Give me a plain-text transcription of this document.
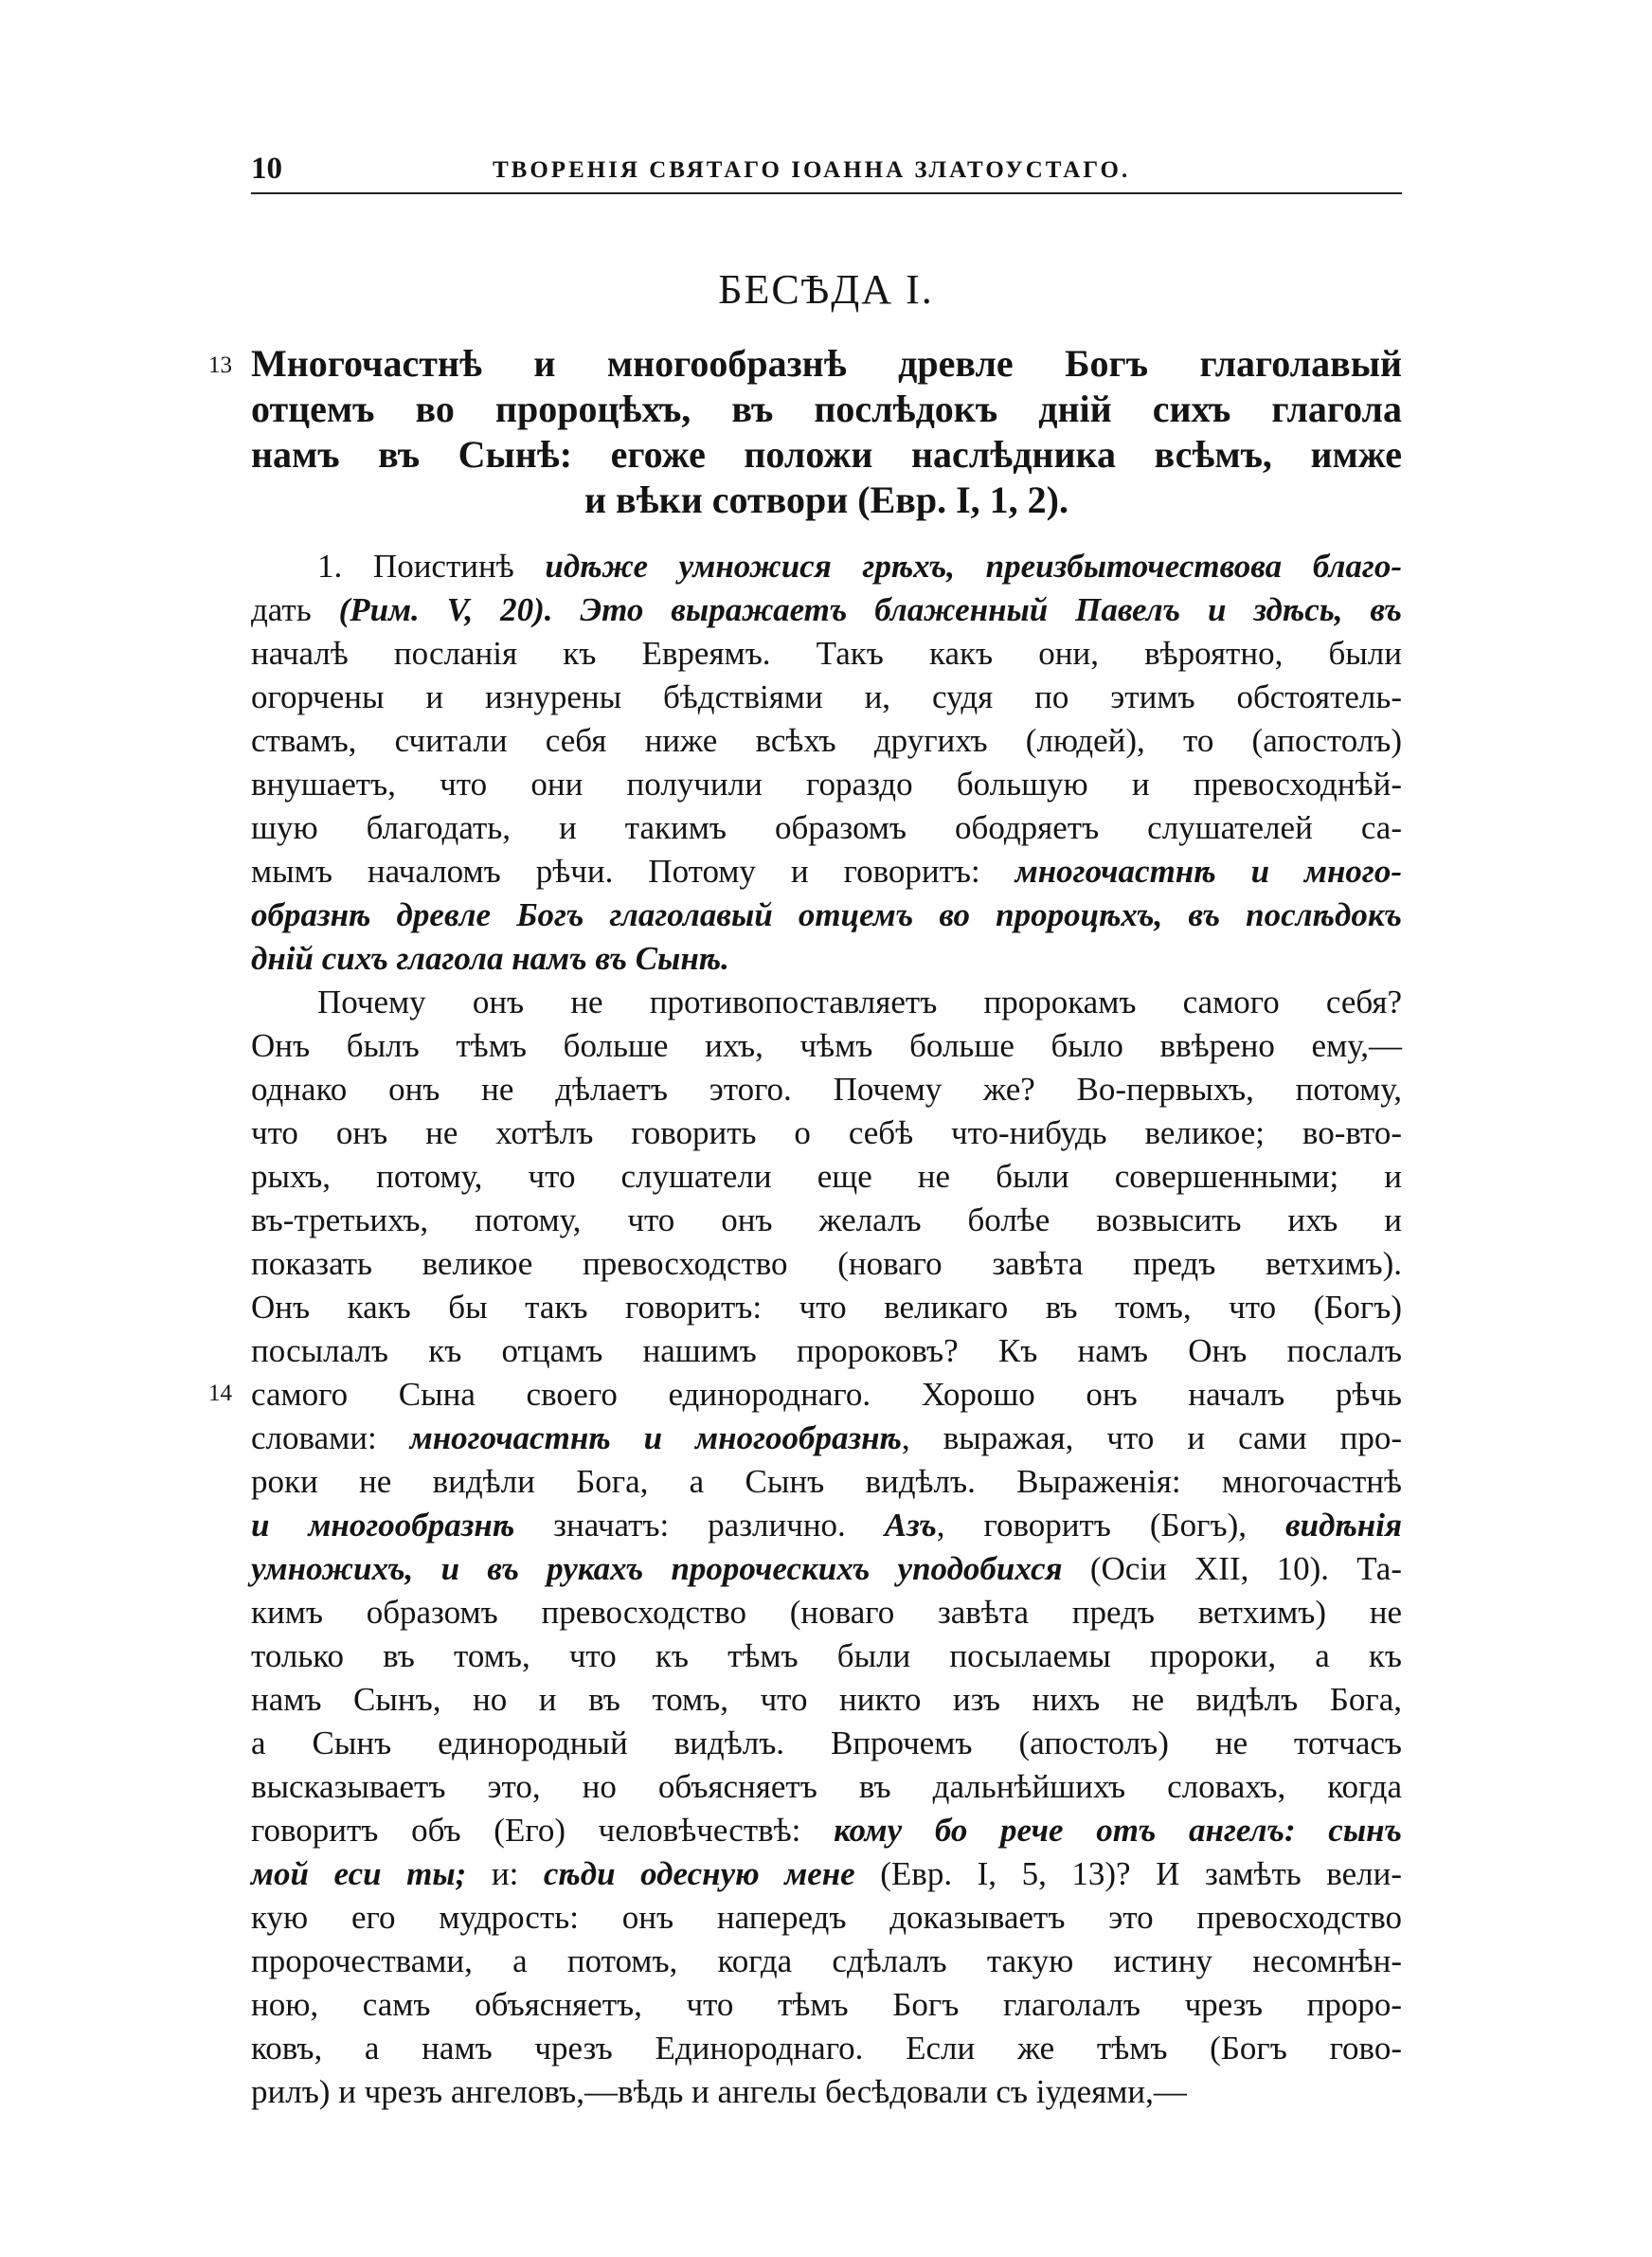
10	ТВОРЕНІЯ СВЯТАГО ІОАННА ЗЛАТОУСТАГО.
БЕСѢДА I.
13 Многочастнѣ и многообразнѣ древле Богъ глаголавый
отцемъ во пророцѣхъ, въ послѣдокъ дній сихъ глагола
намъ въ Сынѣ: егоже положи наслѣдника всѣмъ, имже
и вѣки сотвори (Евр. I, 1, 2).
14
1. Поистинѣ идѣже умножися грѣхъ, преизбыточествова благо-
дать (Рим. V, 20). Это выражаетъ блаженный Павелъ и здѣсь, въ
началѣ посланія къ Евреямъ. Такъ какъ они, вѣроятно, были
огорчены и изнурены бѣдствіями и, судя по этимъ обстоятель-
ствамъ, считали себя ниже всѣхъ другихъ (людей), то (апостолъ)
внушаетъ, что они получили гораздо большую и превосходнѣй-
шую благодать, и такимъ образомъ ободряетъ слушателей са-
мымъ началомъ рѣчи. Потому и говоритъ: многочастнѣ и много-
образнѣ древле Богъ глаголавый отцемъ во пророцѣхъ, въ послѣдокъ
дній сихъ глагола намъ въ Сынѣ.
Почему онъ не противопоставляетъ пророкамъ самого себя?
Онъ былъ тѣмъ больше ихъ, чѣмъ больше было ввѣрено ему,—
однако онъ не дѣлаетъ этого. Почему же? Во-первыхъ, потому,
что онъ не хотѣлъ говорить о себѣ что-нибудь великое; во-вто-
рыхъ, потому, что слушатели еще не были совершенными; и
въ-третьихъ, потому, что онъ желалъ болѣе возвысить ихъ и
показать великое превосходство (новаго завѣта предъ ветхимъ).
Онъ какъ бы такъ говоритъ: что великаго въ томъ, что (Богъ)
посылалъ къ отцамъ нашимъ пророковъ? Къ намъ Онъ послалъ
самого Сына своего единороднаго. Хорошо онъ началъ рѣчь
словами: многочастнѣ и многообразнѣ, выражая, что и сами про-
роки не видѣли Бога, а Сынъ видѣлъ. Выраженія: многочастнѣ
и многообразнѣ значатъ: различно. Азъ, говоритъ (Богъ), видѣнія
умножихъ, и въ рукахъ пророческихъ уподобихся (Осіи XII, 10). Та-
кимъ образомъ превосходство (новаго завѣта предъ ветхимъ) не
только въ томъ, что къ тѣмъ были посылаемы пророки, а къ
намъ Сынъ, но и въ томъ, что никто изъ нихъ не видѣлъ Бога,
а Сынъ единородный видѣлъ. Впрочемъ (апостолъ) не тотчасъ
высказываетъ это, но объясняетъ въ дальнѣйшихъ словахъ, когда
говоритъ объ (Его) человѣчествѣ: кому бо рече отъ ангелъ: сынъ
мой еси ты; и: сѣди одесную мене (Евр. I, 5, 13)? И замѣть вели-
кую его мудрость: онъ напередъ доказываетъ это превосходство
пророчествами, а потомъ, когда сдѣлалъ такую истину несомнѣн-
ною, самъ объясняетъ, что тѣмъ Богъ глаголалъ чрезъ проро-
ковъ, а намъ чрезъ Единороднаго. Если же тѣмъ (Богъ гово-
рилъ) и чрезъ ангеловъ,—вѣдь и ангелы бесѣдовали съ іудеями,—
